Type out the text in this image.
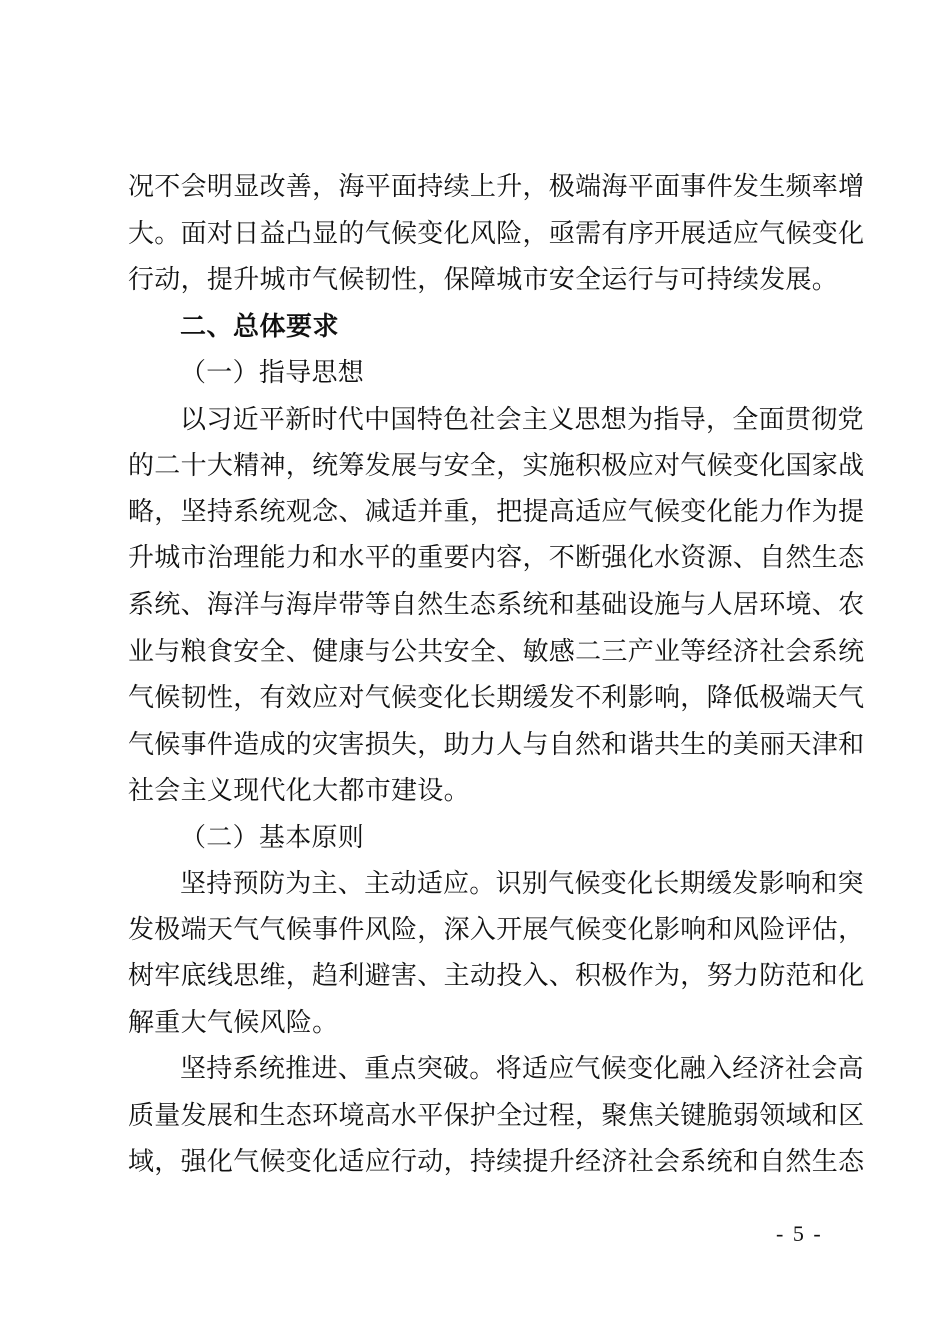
况不会明显改善，海平面持续上升，极端海平面事件发生频率增
大。面对日益凸显的气候变化风险，亟需有序开展适应气候变化
行动，提升城市气候韧性，保障城市安全运行与可持续发展。
二、总体要求
（一）指导思想
以习近平新时代中国特色社会主义思想为指导，全面贯彻党
的二十大精神，统筹发展与安全，实施积极应对气候变化国家战
略，坚持系统观念、减适并重，把提高适应气候变化能力作为提
升城市治理能力和水平的重要内容，不断强化水资源、自然生态
系统、海洋与海岸带等自然生态系统和基础设施与人居环境、农
业与粮食安全、健康与公共安全、敏感二三产业等经济社会系统
气候韧性，有效应对气候变化长期缓发不利影响，降低极端天气
气候事件造成的灾害损失，助力人与自然和谐共生的美丽天津和
社会主义现代化大都市建设。
（二）基本原则
坚持预防为主、主动适应。识别气候变化长期缓发影响和突
发极端天气气候事件风险，深入开展气候变化影响和风险评估，
树牢底线思维，趋利避害、主动投入、积极作为，努力防范和化
解重大气候风险。
坚持系统推进、重点突破。将适应气候变化融入经济社会高
质量发展和生态环境高水平保护全过程，聚焦关键脆弱领域和区
域，强化气候变化适应行动，持续提升经济社会系统和自然生态
- 5 -
